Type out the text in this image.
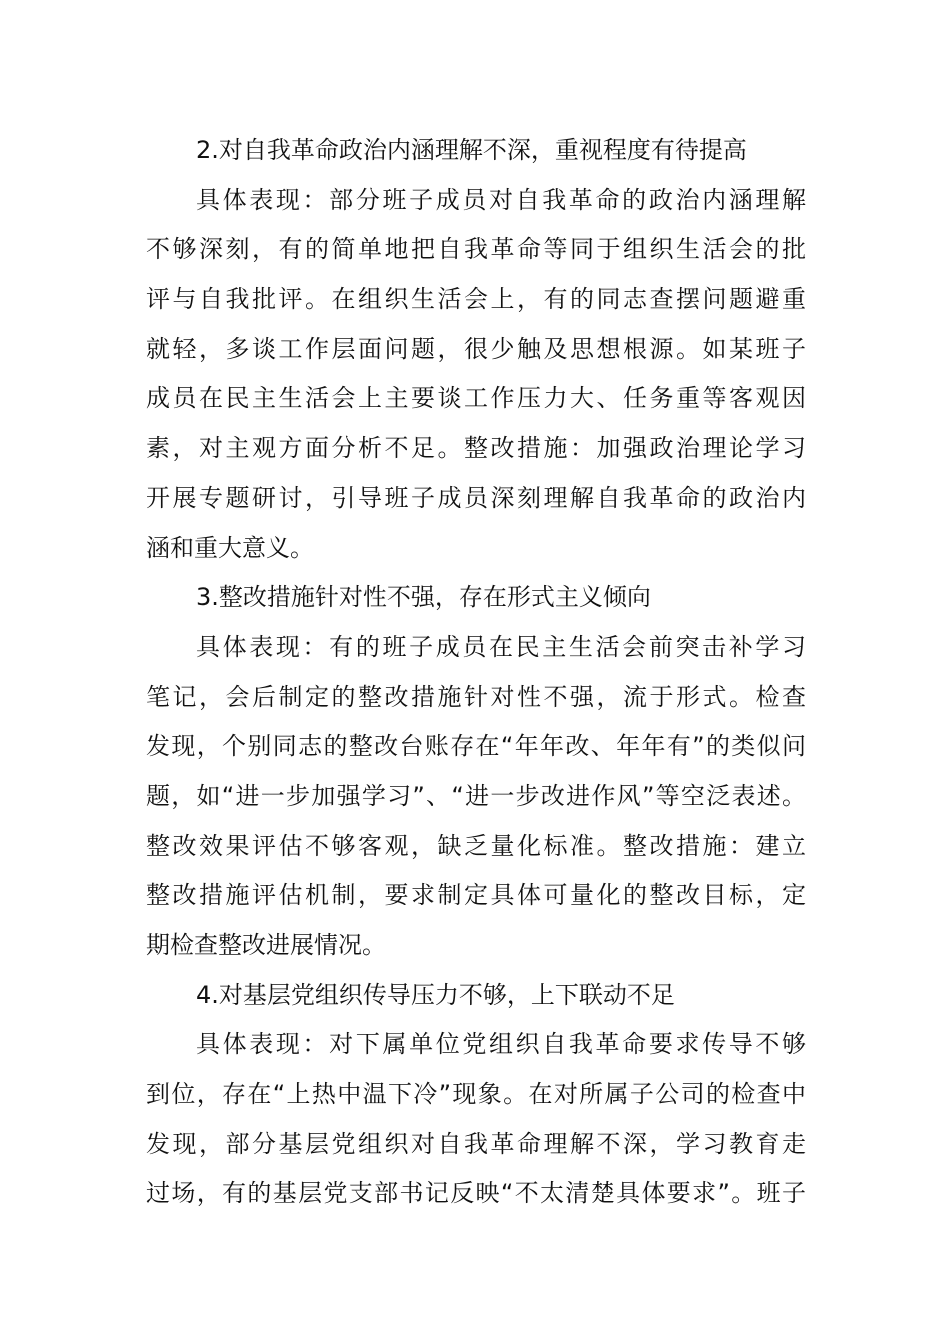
2.对自我革命政治内涵理解不深，重视程度有待提高
具体表现：部分班子成员对自我革命的政治内涵理解
不够深刻，有的简单地把自我革命等同于组织生活会的批
评与自我批评。在组织生活会上，有的同志查摆问题避重
就轻，多谈工作层面问题，很少触及思想根源。如某班子
成员在民主生活会上主要谈工作压力大、任务重等客观因
素，对主观方面分析不足。整改措施：加强政治理论学习
开展专题研讨，引导班子成员深刻理解自我革命的政治内
涵和重大意义。
3.整改措施针对性不强，存在形式主义倾向
具体表现：有的班子成员在民主生活会前突击补学习
笔记，会后制定的整改措施针对性不强，流于形式。检查
发现，个别同志的整改台账存在“年年改、年年有”的类似问
题，如“进一步加强学习”、“进一步改进作风”等空泛表述。
整改效果评估不够客观，缺乏量化标准。整改措施：建立
整改措施评估机制，要求制定具体可量化的整改目标，定
期检查整改进展情况。
4.对基层党组织传导压力不够，上下联动不足
具体表现：对下属单位党组织自我革命要求传导不够
到位，存在“上热中温下冷”现象。在对所属子公司的检查中
发现，部分基层党组织对自我革命理解不深，学习教育走
过场，有的基层党支部书记反映“不太清楚具体要求”。班子
